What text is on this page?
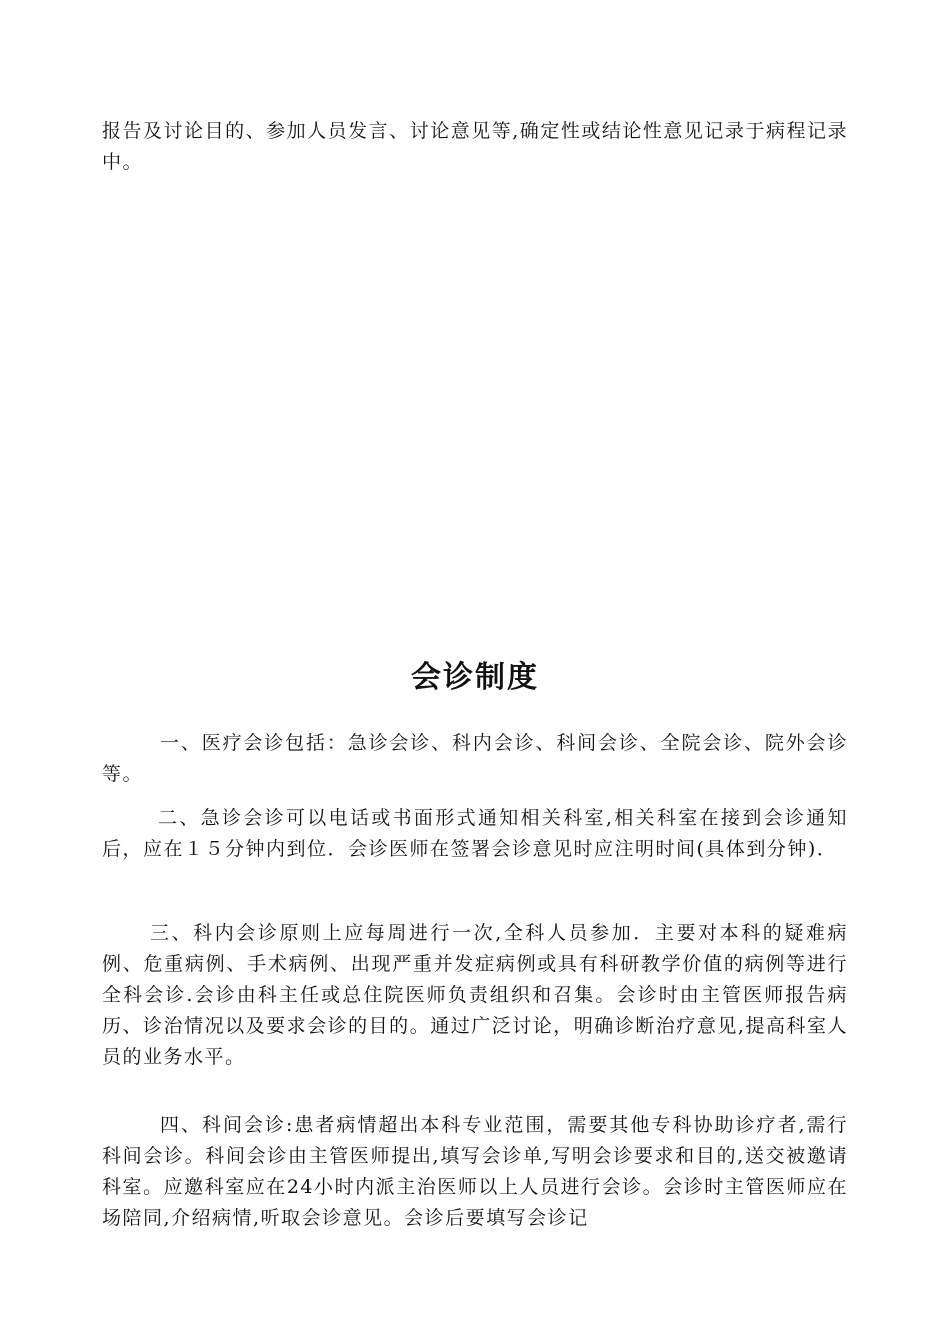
报告及讨论目的、参加人员发言、讨论意见等,确定性或结论性意见记录于病程记录中。

会诊制度

一、医疗会诊包括：急诊会诊、科内会诊、科间会诊、全院会诊、院外会诊等。

二、急诊会诊可以电话或书面形式通知相关科室,相关科室在接到会诊通知后，应在１５分钟内到位．会诊医师在签署会诊意见时应注明时间(具体到分钟)．

三、科内会诊原则上应每周进行一次,全科人员参加．主要对本科的疑难病例、危重病例、手术病例、出现严重并发症病例或具有科研教学价值的病例等进行全科会诊.会诊由科主任或总住院医师负责组织和召集。会诊时由主管医师报告病历、诊治情况以及要求会诊的目的。通过广泛讨论，明确诊断治疗意见,提高科室人员的业务水平。

四、科间会诊:患者病情超出本科专业范围，需要其他专科协助诊疗者,需行科间会诊。科间会诊由主管医师提出,填写会诊单,写明会诊要求和目的,送交被邀请科室。应邀科室应在24小时内派主治医师以上人员进行会诊。会诊时主管医师应在场陪同,介绍病情,听取会诊意见。会诊后要填写会诊记
